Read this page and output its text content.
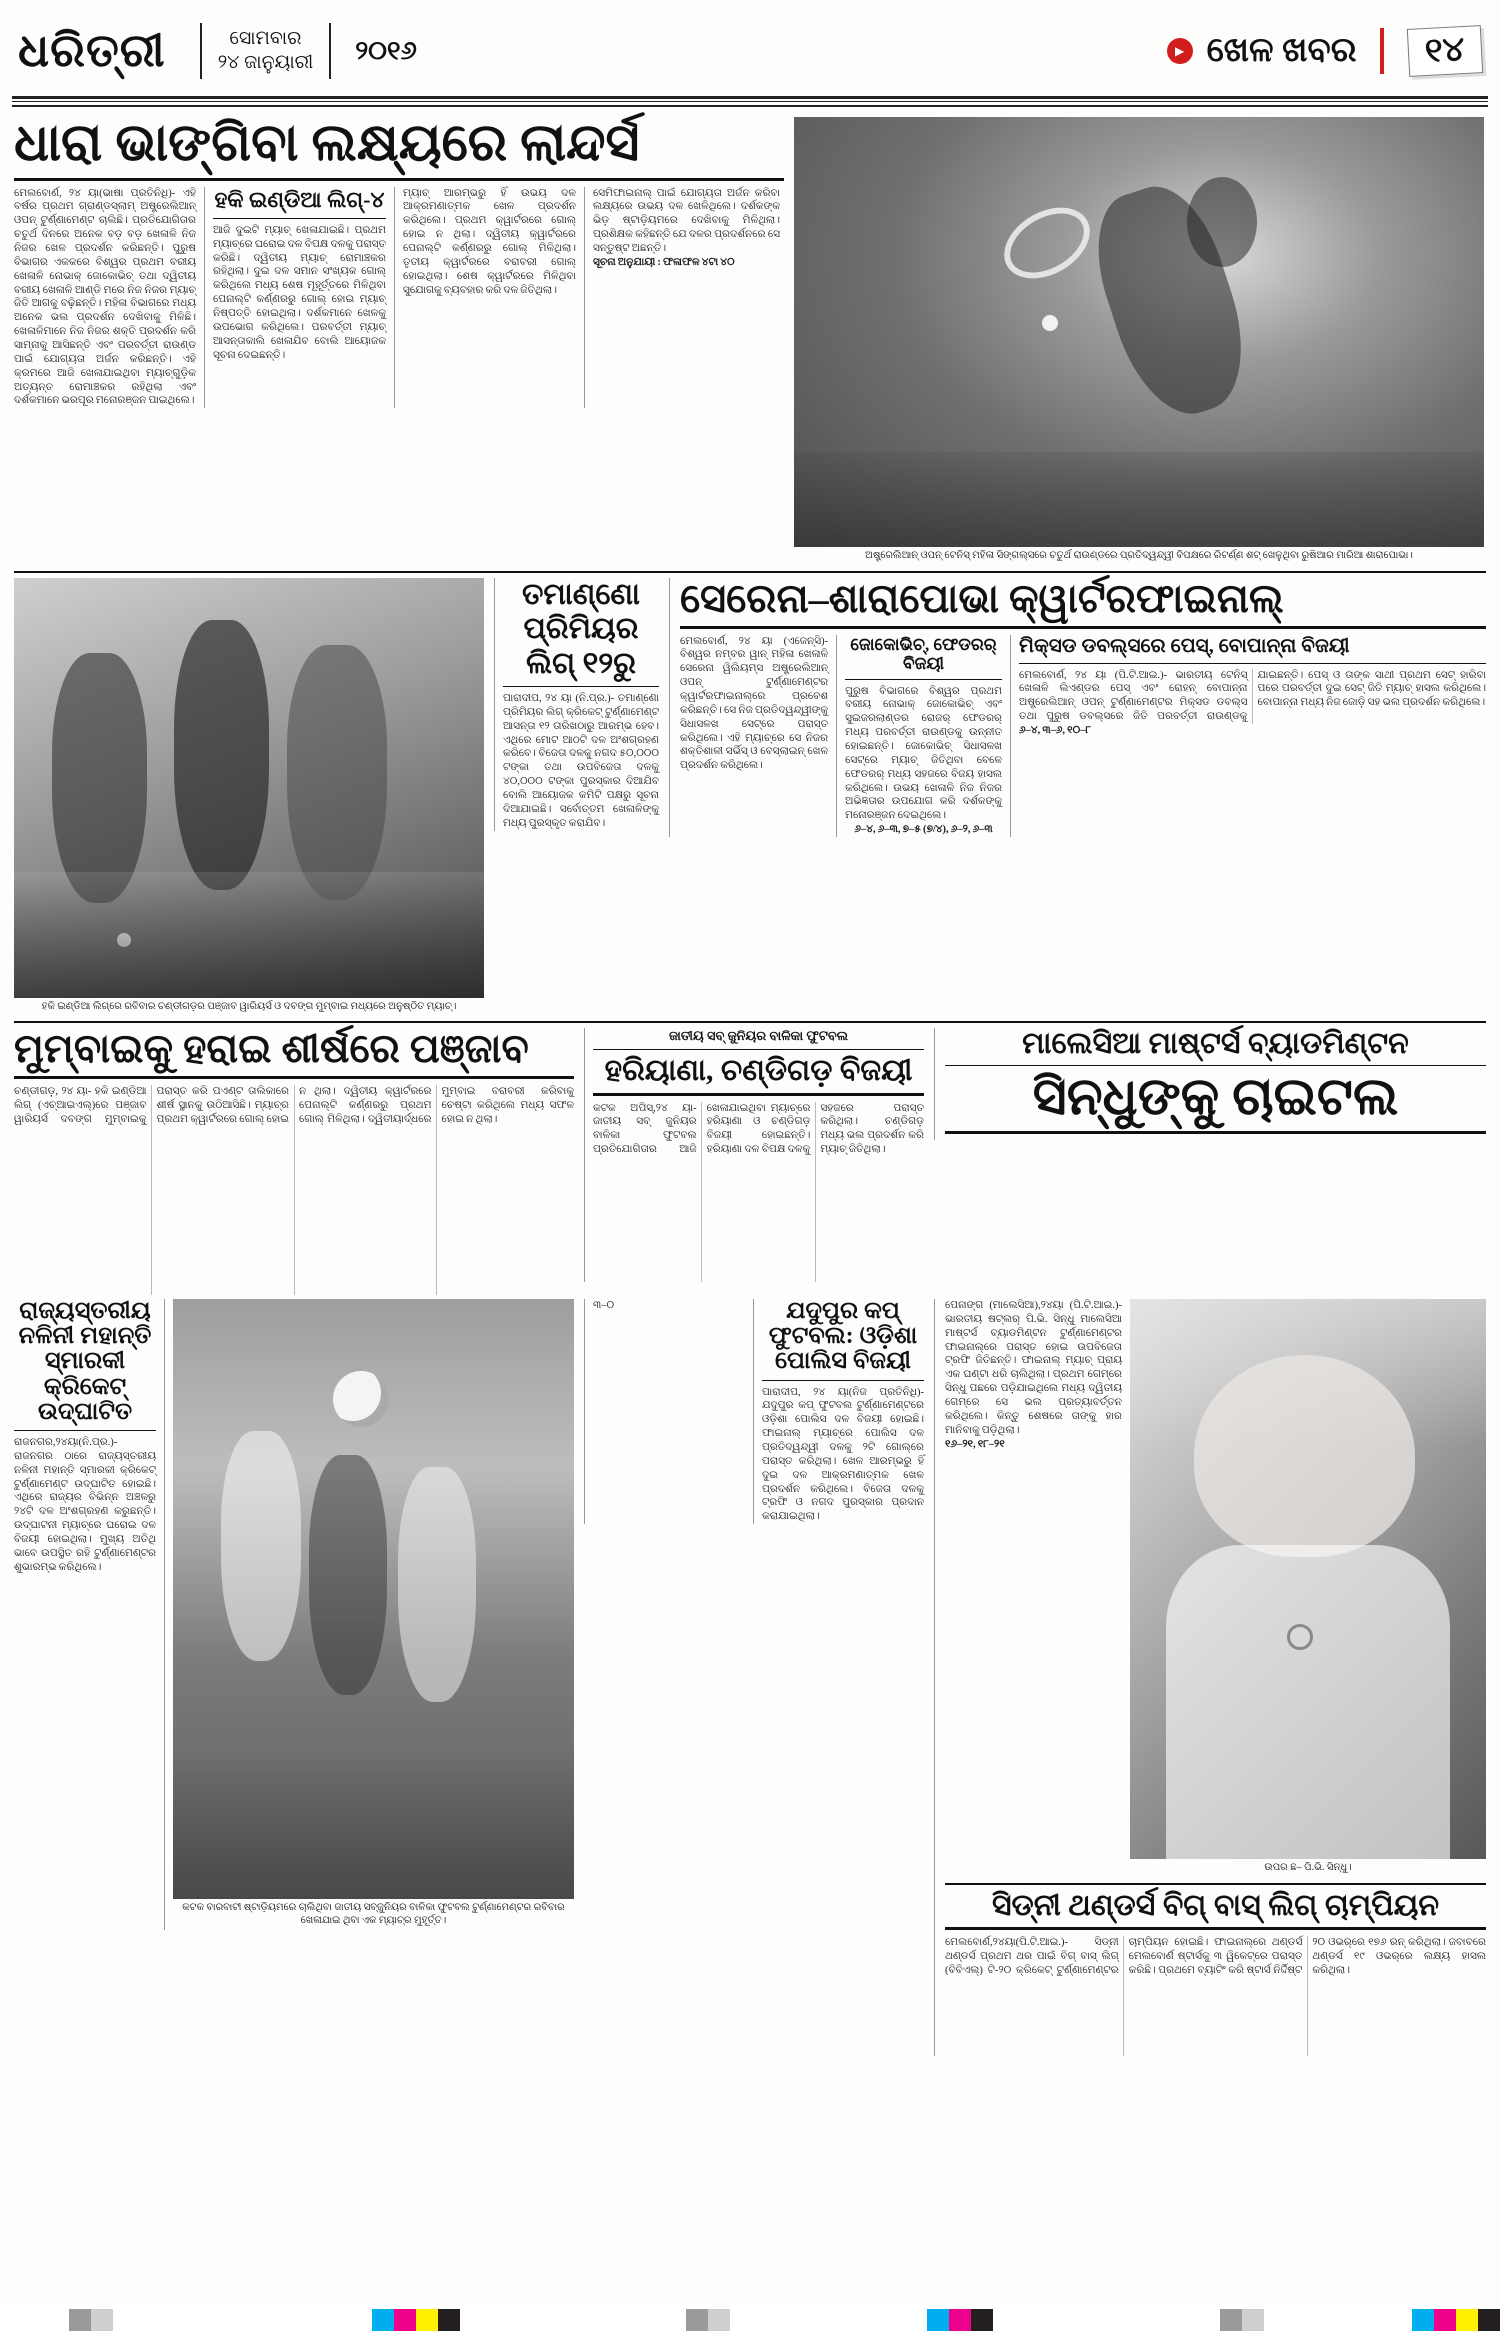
ଧରିତ୍ରୀ	ସୋମବାର
୨୪ ଜାନୁୟାରୀ	୨୦୧୬	▶ ଖେଳ ଖବର	୧୪
ଧାରା ଭାଙ୍ଗିବା ଲକ୍ଷ୍ୟରେ ଲାନ୍ଦର୍ସ
ମେଲବୋର୍ଣ, ୨୪ ୟା(ଭାଷା ପ୍ରତିନିଧି)- ଏହି ବର୍ଷର ପ୍ରଥମ ଗ୍ରାଣ୍ଡସ୍ଲାମ୍ ଅଷ୍ଟ୍ରେଲିଆନ୍ ଓପନ୍ ଟୁର୍ଣ୍ଣାମେଣ୍ଟ ଚାଲିଛି। ପ୍ରତିଯୋଗିତାର ଚତୁର୍ଥ ଦିନରେ ଅନେକ ବଡ଼ ବଡ଼ ଖେଳାଳି ନିଜ ନିଜର ଖେଳ ପ୍ରଦର୍ଶନ କରିଛନ୍ତି। ପୁରୁଷ ବିଭାଗର ଏକକରେ ବିଶ୍ୱର ପ୍ରଥମ ବରୀୟ ଖେଳାଳି ନୋଭାକ୍ ଜୋକୋଭିଚ୍ ତଥା ଦ୍ୱିତୀୟ ବରୀୟ ଖେଳାଳି ଆଣ୍ଡି ମରେ ନିଜ ନିଜର ମ୍ୟାଚ୍ ଜିତି ଆଗକୁ ବଢ଼ିଛନ୍ତି। ମହିଳା ବିଭାଗରେ ମଧ୍ୟ ଅନେକ ଭଲ ପ୍ରଦର୍ଶନ ଦେଖିବାକୁ ମିଳିଛି। ଖେଳାଳିମାନେ ନିଜ ନିଜର ଶକ୍ତି ପ୍ରଦର୍ଶନ କରି ସାମ୍ନାକୁ ଆସିଛନ୍ତି ଏବଂ ପରବର୍ତ୍ତୀ ରାଉଣ୍ଡ ପାଇଁ ଯୋଗ୍ୟତା ଅର୍ଜନ କରିଛନ୍ତି। ଏହି କ୍ରମରେ ଆଜି ଖେଳାଯାଇଥିବା ମ୍ୟାଚ୍‌ଗୁଡ଼ିକ ଅତ୍ୟନ୍ତ ରୋମାଞ୍ଚକର ରହିଥିଲା ଏବଂ ଦର୍ଶକମାନେ ଭରପୂର ମନୋରଞ୍ଜନ ପାଇଥିଲେ।
ହକି ଇଣ୍ଡିଆ ଲିଗ୍‌-୪
ଆଜି ଦୁଇଟି ମ୍ୟାଚ୍ ଖେଳାଯାଇଛି। ପ୍ରଥମ ମ୍ୟାଚ୍‌ରେ ଘରୋଇ ଦଳ ବିପକ୍ଷ ଦଳକୁ ପରାସ୍ତ କରିଛି। ଦ୍ୱିତୀୟ ମ୍ୟାଚ୍ ରୋମାଞ୍ଚକର ରହିଥିଲା। ଦୁଇ ଦଳ ସମାନ ସଂଖ୍ୟକ ଗୋଲ୍ କରିଥିଲେ ମଧ୍ୟ ଶେଷ ମୂହୂର୍ତ୍ତରେ ମିଳିଥିବା ପେନାଲ୍ଟି କର୍ଣ୍ଣରରୁ ଗୋଲ୍ ହୋଇ ମ୍ୟାଚ୍ ନିଷ୍ପତ୍ତି ହୋଇଥିଲା। ଦର୍ଶକମାନେ ଖେଳକୁ ଉପଭୋଗ କରିଥିଲେ। ପରବର୍ତ୍ତୀ ମ୍ୟାଚ୍ ଆସନ୍ତାକାଲି ଖେଳାଯିବ ବୋଲି ଆୟୋଜକ ସୂଚନା ଦେଇଛନ୍ତି।
ମ୍ୟାଚ୍ ଆରମ୍ଭରୁ ହିଁ ଉଭୟ ଦଳ ଆକ୍ରମଣାତ୍ମକ ଖେଳ ପ୍ରଦର୍ଶନ କରିଥିଲେ। ପ୍ରଥମ କ୍ୱାର୍ଟରରେ ଗୋଲ୍ ହୋଇ ନ ଥିଲା। ଦ୍ୱିତୀୟ କ୍ୱାର୍ଟରରେ ପେନାଲ୍ଟି କର୍ଣ୍ଣରରୁ ଗୋଲ୍ ମିଳିଥିଲା। ତୃତୀୟ କ୍ୱାର୍ଟରରେ ବରାବରୀ ଗୋଲ୍ ହୋଇଥିଲା। ଶେଷ କ୍ୱାର୍ଟରରେ ମିଳିଥିବା ସୁଯୋଗକୁ ବ୍ୟବହାର କରି ଦଳ ଜିତିଥିଲା।
ସେମିଫାଇନାଲ୍ ପାଇଁ ଯୋଗ୍ୟତା ଅର୍ଜନ କରିବା ଲକ୍ଷ୍ୟରେ ଉଭୟ ଦଳ ଖେଳିଥିଲେ। ଦର୍ଶକଙ୍କ ଭିଡ଼ ଷ୍ଟାଡ଼ିୟମରେ ଦେଖିବାକୁ ମିଳିଥିଲା। ପ୍ରଶିକ୍ଷକ କହିଛନ୍ତି ଯେ ଦଳର ପ୍ରଦର୍ଶନରେ ସେ ସନ୍ତୁଷ୍ଟ ଅଛନ୍ତି।
ସୂଚନା ଅନୁଯାୟୀ : ଫଳାଫଳ ୪ଟା ୪୦
ଅଷ୍ଟ୍ରେଲିଆନ୍ ଓପନ୍ ଟେନିସ୍ ମହିଳା ସିଙ୍ଗଲ୍ସରେ ଚତୁର୍ଥ ରାଉଣ୍ଡରେ ପ୍ରତିଦ୍ୱନ୍ଦ୍ୱୀ ବିପକ୍ଷରେ ରିଟର୍ଣ୍ଣ ଶଟ୍ ଖେଳୁଥିବା ରୁଷିଆର ମାରିଆ ଶାରାପୋଭା।
ହକି ଇଣ୍ଡିଆ ଲିଗ୍‌ରେ ରବିବାର ଚଣ୍ଡୀଗଡ଼ର ପଞ୍ଜାବ ୱାରିୟର୍ସ ଓ ଦବଙ୍ଗ ମୁମ୍ବାଇ ମଧ୍ୟରେ ଅନୁଷ୍ଠିତ ମ୍ୟାଚ୍।
ତମାଣ୍ଣୋ ପ୍ରିମିୟର ଲିଗ୍ ୧୨ରୁ
ପାରାଦୀପ, ୨୪ ୟା (ନି.ପ୍ର.)- ତମାଣ୍ଣୋ ପ୍ରିମିୟର ଲିଗ୍ କ୍ରିକେଟ୍ ଟୁର୍ଣ୍ଣାମେଣ୍ଟ ଆସନ୍ତା ୧୨ ତାରିଖଠାରୁ ଆରମ୍ଭ ହେବ। ଏଥିରେ ମୋଟ ଆଠଟି ଦଳ ଅଂଶଗ୍ରହଣ କରିବେ। ବିଜେତା ଦଳକୁ ନଗଦ ୫୦,୦୦୦ ଟଙ୍କା ତଥା ଉପବିଜେତା ଦଳକୁ ୪୦,୦୦୦ ଟଙ୍କା ପୁରସ୍କାର ଦିଆଯିବ ବୋଲି ଆୟୋଜକ କମିଟି ପକ୍ଷରୁ ସୂଚନା ଦିଆଯାଇଛି। ସର୍ବୋତ୍ତମ ଖେଳାଳିଙ୍କୁ ମଧ୍ୟ ପୁରସ୍କୃତ କରାଯିବ।
ସେରେନା–ଶାରାପୋଭା କ୍ୱାର୍ଟରଫାଇନାଲ୍
ମେଲବୋର୍ଣ, ୨୪ ୟା (ଏଜେନ୍ସି)- ବିଶ୍ୱର ନମ୍ବର ୱାନ୍ ମହିଳା ଖେଳାଳି ସେରେନା ୱିଲିୟମ୍ସ ଅଷ୍ଟ୍ରେଲିଆନ୍ ଓପନ୍ ଟୁର୍ଣ୍ଣାମେଣ୍ଟର କ୍ୱାର୍ଟରଫାଇନାଲ୍‌ରେ ପ୍ରବେଶ କରିଛନ୍ତି। ସେ ନିଜ ପ୍ରତିଦ୍ୱନ୍ଦ୍ୱୀଙ୍କୁ ସିଧାସଳଖ ସେଟ୍‌ରେ ପରାସ୍ତ କରିଥିଲେ। ଏହି ମ୍ୟାଚ୍‌ରେ ସେ ନିଜର ଶକ୍ତିଶାଳୀ ସର୍ଭିସ୍ ଓ ବେସ୍‌ଲାଇନ୍ ଖେଳ ପ୍ରଦର୍ଶନ କରିଥିଲେ।
ଜୋକୋଭିଚ୍, ଫେଡରର୍ ବିଜୟୀ
ପୁରୁଷ ବିଭାଗରେ ବିଶ୍ୱର ପ୍ରଥମ ବରୀୟ ନୋଭାକ୍ ଜୋକୋଭିଚ୍ ଏବଂ ସୁଇଜରଲାଣ୍ଡର ରୋଜର୍ ଫେଡରର୍ ମଧ୍ୟ ପରବର୍ତ୍ତୀ ରାଉଣ୍ଡକୁ ଉନ୍ନୀତ ହୋଇଛନ୍ତି। ଜୋକୋଭିଚ୍ ସିଧାସଳଖ ସେଟ୍‌ରେ ମ୍ୟାଚ୍ ଜିତିଥିବା ବେଳେ ଫେଡରର୍ ମଧ୍ୟ ସହଜରେ ବିଜୟ ହାସଲ କରିଥିଲେ। ଉଭୟ ଖେଳାଳି ନିଜ ନିଜର ଅଭିଜ୍ଞତାର ଉପଯୋଗ କରି ଦର୍ଶକଙ୍କୁ ମନୋରଞ୍ଜନ ଦେଇଥିଲେ।
୬–୪, ୬–୩, ୭–୫ (୭/୪), ୬–୨, ୬–୩
ମିକ୍ସଡ ଡବଲ୍ସରେ ପେସ୍, ବୋପାନ୍ନା ବିଜୟୀ
ମେଲବୋର୍ଣ, ୨୪ ୟା (ପି.ଟି.ଆଇ.)- ଭାରତୀୟ ଟେନିସ୍ ଖେଳାଳି ଲିଏଣ୍ଡର ପେସ୍ ଏବଂ ରୋହନ୍ ବୋପାନ୍ନା ଅଷ୍ଟ୍ରେଲିଆନ୍ ଓପନ୍ ଟୁର୍ଣ୍ଣାମେଣ୍ଟର ମିକ୍ସଡ ଡବଲ୍ସ ତଥା ପୁରୁଷ ଡବଲ୍ସରେ ଜିତି ପରବର୍ତ୍ତୀ ରାଉଣ୍ଡକୁ ଯାଇଛନ୍ତି। ପେସ୍ ଓ ତାଙ୍କ ସାଥୀ ପ୍ରଥମ ସେଟ୍ ହାରିବା ପରେ ପରବର୍ତ୍ତୀ ଦୁଇ ସେଟ୍ ଜିତି ମ୍ୟାଚ୍ ହାସଲ କରିଥିଲେ। ବୋପାନ୍ନା ମଧ୍ୟ ନିଜ ଜୋଡ଼ି ସହ ଭଲ ପ୍ରଦର୍ଶନ କରିଥିଲେ।
୬–୪, ୩–୬, ୧୦–୮
ମୁମ୍ବାଇକୁ ହରାଇ ଶୀର୍ଷରେ ପଞ୍ଜାବ
ଚଣ୍ଡୀଗଡ଼, ୨୪ ୟା- ହକି ଇଣ୍ଡିଆ ଲିଗ୍ (ଏଚ୍‌ଆଇଏଲ୍)ରେ ପଞ୍ଜାବ ୱାରିୟର୍ସ ଦବଙ୍ଗ ମୁମ୍ବାଇକୁ ପରାସ୍ତ କରି ପଏଣ୍ଟ ତାଲିକାରେ ଶୀର୍ଷ ସ୍ଥାନକୁ ଉଠିଆସିଛି। ମ୍ୟାଚ୍‌ର ପ୍ରଥମ କ୍ୱାର୍ଟରରେ ଗୋଲ୍ ହୋଇ ନ ଥିଲା। ଦ୍ୱିତୀୟ କ୍ୱାର୍ଟରରେ ପେନାଲ୍ଟି କର୍ଣ୍ଣରରୁ ପ୍ରଥମ ଗୋଲ୍ ମିଳିଥିଲା। ଦ୍ୱିତୀୟାର୍ଦ୍ଧରେ ମୁମ୍ବାଇ ବରାବରୀ କରିବାକୁ ଚେଷ୍ଟା କରିଥିଲେ ମଧ୍ୟ ସଫଳ ହୋଇ ନ ଥିଲା।
ଜାତୀୟ ସବ୍ ଜୁନିୟର ବାଳିକା ଫୁଟବଲ
ହରିୟାଣା, ଚଣ୍ଡିଗଡ଼ ବିଜୟୀ
କଟକ ଅପିସ୍,୨୪ ୟା-ଜାତୀୟ ସବ୍ ଜୁନିୟର ବାଳିକା ଫୁଟବଲ ପ୍ରତିଯୋଗିତାର ଆଜି ଖେଳାଯାଇଥିବା ମ୍ୟାଚ୍‌ରେ ହରିୟାଣା ଓ ଚଣ୍ଡିଗଡ଼ ବିଜୟୀ ହୋଇଛନ୍ତି। ହରିୟାଣା ଦଳ ବିପକ୍ଷ ଦଳକୁ ସହଜରେ ପରାସ୍ତ କରିଥିଲା। ଚଣ୍ଡିଗଡ଼ ମଧ୍ୟ ଭଲ ପ୍ରଦର୍ଶନ କରି ମ୍ୟାଚ୍ ଜିତିଥିଲା।
ମାଲେସିଆ ମାଷ୍ଟର୍ସ ବ୍ୟାଡମିଣ୍ଟନ
ସିନ୍ଧୁଙ୍କୁ ଚାଇଟଲ
ରାଜ୍ୟସ୍ତରୀୟ ନଳିନୀ ମହାନ୍ତି ସ୍ମାରକୀ କ୍ରିକେଟ୍ ଉଦ୍‌ଘାଟିତ
ରାଜନଗର,୨୪ୟା(ନି.ପ୍ର.)- ରାଜନଗର ଠାରେ ରାଜ୍ୟସ୍ତରୀୟ ନଳିନୀ ମହାନ୍ତି ସ୍ମାରକୀ କ୍ରିକେଟ୍ ଟୁର୍ଣ୍ଣାମେଣ୍ଟ ଉଦ୍‌ଘାଟିତ ହୋଇଛି। ଏଥିରେ ରାଜ୍ୟର ବିଭିନ୍ନ ଅଞ୍ଚଳରୁ ୨୪ଟି ଦଳ ଅଂଶଗ୍ରହଣ କରୁଛନ୍ତି। ଉଦ୍‌ଘାଟନୀ ମ୍ୟାଚ୍‌ରେ ଘରୋଇ ଦଳ ବିଜୟୀ ହୋଇଥିଲା। ମୁଖ୍ୟ ଅତିଥି ଭାବେ ଉପସ୍ଥିତ ରହି ଟୁର୍ଣ୍ଣାମେଣ୍ଟର ଶୁଭାରମ୍ଭ କରିଥିଲେ।
କଟକ ବାରବାଟୀ ଷ୍ଟାଡ଼ିୟମରେ ଚାଲିଥିବା ଜାତୀୟ ସବ୍‌ଜୁନିୟର ବାଳିକା ଫୁଟବଲ ଟୁର୍ଣ୍ଣାମେଣ୍ଟର ରବିବାର ଖେଳାଯାଇ ଥିବା ଏକ ମ୍ୟାଚ୍‌ର ମୁହୂର୍ତ୍ତ।
୩–୦	ଯଦୁପୁର କପ୍ ଫୁଟବଲ: ଓଡ଼ିଶା ପୋଲିସ ବିଜୟୀ
ପାରାଦୀପ, ୨୪ ୟା(ନିଜ ପ୍ରତିନିଧି)- ଯଦୁପୁର କପ୍ ଫୁଟବଲ ଟୁର୍ଣ୍ଣାମେଣ୍ଟରେ ଓଡ଼ିଶା ପୋଲିସ ଦଳ ବିଜୟୀ ହୋଇଛି। ଫାଇନାଲ୍ ମ୍ୟାଚ୍‌ରେ ପୋଲିସ ଦଳ ପ୍ରତିଦ୍ୱନ୍ଦ୍ୱୀ ଦଳକୁ ୨ଟି ଗୋଲ୍‌ରେ ପରାସ୍ତ କରିଥିଲା। ଖେଳ ଆରମ୍ଭରୁ ହିଁ ଦୁଇ ଦଳ ଆକ୍ରମଣାତ୍ମକ ଖେଳ ପ୍ରଦର୍ଶନ କରିଥିଲେ। ବିଜେତା ଦଳକୁ ଟ୍ରଫି ଓ ନଗଦ ପୁରସ୍କାର ପ୍ରଦାନ କରାଯାଇଥିଲା।
ପେନାଙ୍ଗ (ମାଲେସିଆ),୨୪ୟା (ପି.ଟି.ଆଇ.)- ଭାରତୀୟ ଷଟ୍‌ଲର୍ ପି.ଭି. ସିନ୍ଧୁ ମାଲେସିଆ ମାଷ୍ଟର୍ସ ବ୍ୟାଡମିଣ୍ଟନ ଟୁର୍ଣ୍ଣାମେଣ୍ଟର ଫାଇନାଲ୍‌ରେ ପରାସ୍ତ ହୋଇ ଉପବିଜେତା ଟ୍ରଫି ଜିତିଛନ୍ତି। ଫାଇନାଲ୍ ମ୍ୟାଚ୍ ପ୍ରାୟ ଏକ ଘଣ୍ଟା ଧରି ଚାଲିଥିଲା। ପ୍ରଥମ ଗେମ୍‌ରେ ସିନ୍ଧୁ ପଛରେ ପଡ଼ିଯାଇଥିଲେ ମଧ୍ୟ ଦ୍ୱିତୀୟ ଗେମ୍‌ରେ ସେ ଭଲ ପ୍ରତ୍ୟାବର୍ତ୍ତନ କରିଥିଲେ। କିନ୍ତୁ ଶେଷରେ ତାଙ୍କୁ ହାର ମାନିବାକୁ ପଡ଼ିଥିଲା।
୧୬–୨୧, ୧୮–୨୧
ଉପର ଛ– ପି.ଭି. ସିନ୍ଧୁ।
ସିଡ୍‌ନୀ ଥଣ୍ଡର୍ସ ବିଗ୍ ବାସ୍ ଲିଗ୍ ଚାମ୍ପିୟନ
ମେଲବୋର୍ଣ,୨୪ୟା(ପି.ଟି.ଆଇ.)- ସିଡ୍‌ନୀ ଥଣ୍ଡର୍ସ ପ୍ରଥମ ଥର ପାଇଁ ବିଗ୍ ବାସ୍ ଲିଗ୍ (ବିବିଏଲ୍) ଟି-୨୦ କ୍ରିକେଟ୍ ଟୁର୍ଣ୍ଣାମେଣ୍ଟର ଚାମ୍ପିୟନ ହୋଇଛି। ଫାଇନାଲ୍‌ରେ ଥଣ୍ଡର୍ସ ମେଲବୋର୍ଣ ଷ୍ଟାର୍ସକୁ ୩ ୱିକେଟ୍‌ରେ ପରାସ୍ତ କରିଛି। ପ୍ରଥମେ ବ୍ୟାଟିଂ କରି ଷ୍ଟାର୍ସ ନିର୍ଦ୍ଦିଷ୍ଟ ୨୦ ଓଭର୍‌ରେ ୧୭୬ ରନ୍ କରିଥିଲା। ଜବାବରେ ଥଣ୍ଡର୍ସ ୧୯ ଓଭର୍‌ରେ ଲକ୍ଷ୍ୟ ହାସଲ କରିଥିଲା।
